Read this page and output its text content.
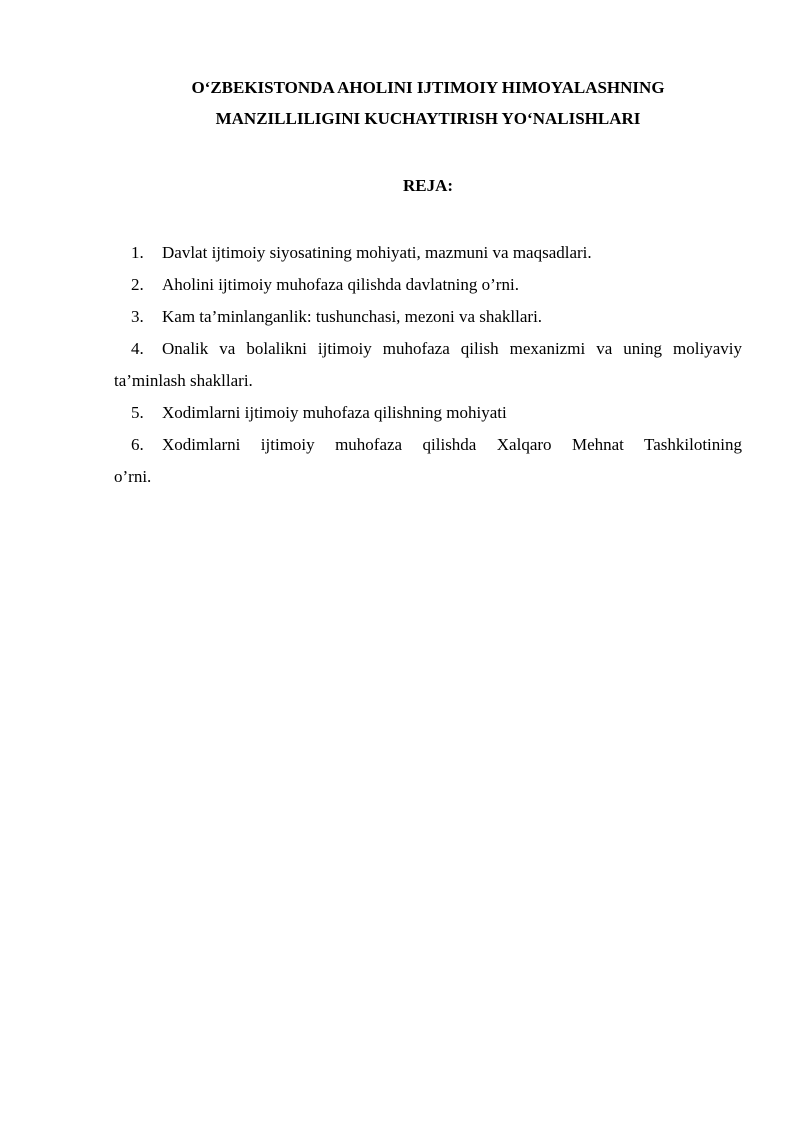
O‘ZBEKISTONDA AHOLINI IJTIMOIY HIMOYALASHNING

MANZILLILIGINI KUCHAYTIRISH YO‘NALISHLARI

REJA:

1. Davlat ijtimoiy siyosatining mohiyati, mazmuni va maqsadlari.
2. Aholini ijtimoiy muhofaza qilishda davlatning o’rni.
3. Kam ta’minlanganlik: tushunchasi, mezoni va shakllari.
4. Onalik va bolalikni ijtimoiy muhofaza qilish mexanizmi va uning moliyaviy
ta’minlash shakllari.
5. Xodimlarni ijtimoiy muhofaza qilishning mohiyati
6. Xodimlarni ijtimoiy muhofaza qilishda Xalqaro Mehnat Tashkilotining
o’rni.
